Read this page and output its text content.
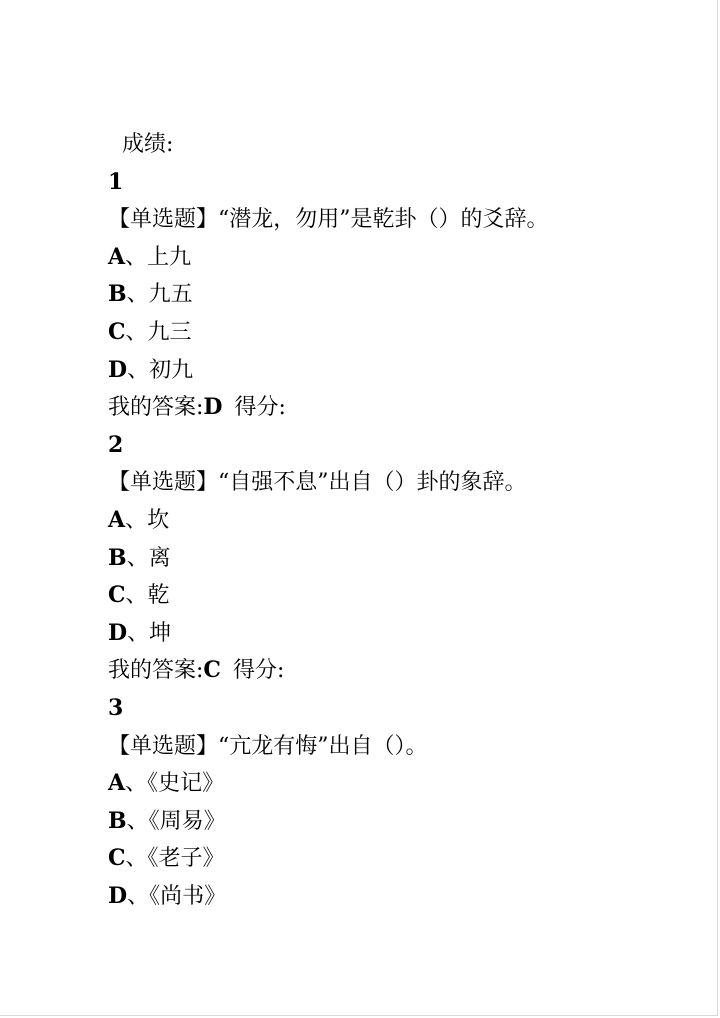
成绩:
1
【单选题】“潜龙，勿用”是乾卦（）的爻辞。
A、上九
B、九五
C、九三
D、初九
我的答案:D 得分:
2
【单选题】“自强不息”出自（）卦的象辞。
A、坎
B、离
C、乾
D、坤
我的答案:C 得分:
3
【单选题】“亢龙有悔”出自（）。
A、《史记》
B、《周易》
C、《老子》
D、《尚书》
